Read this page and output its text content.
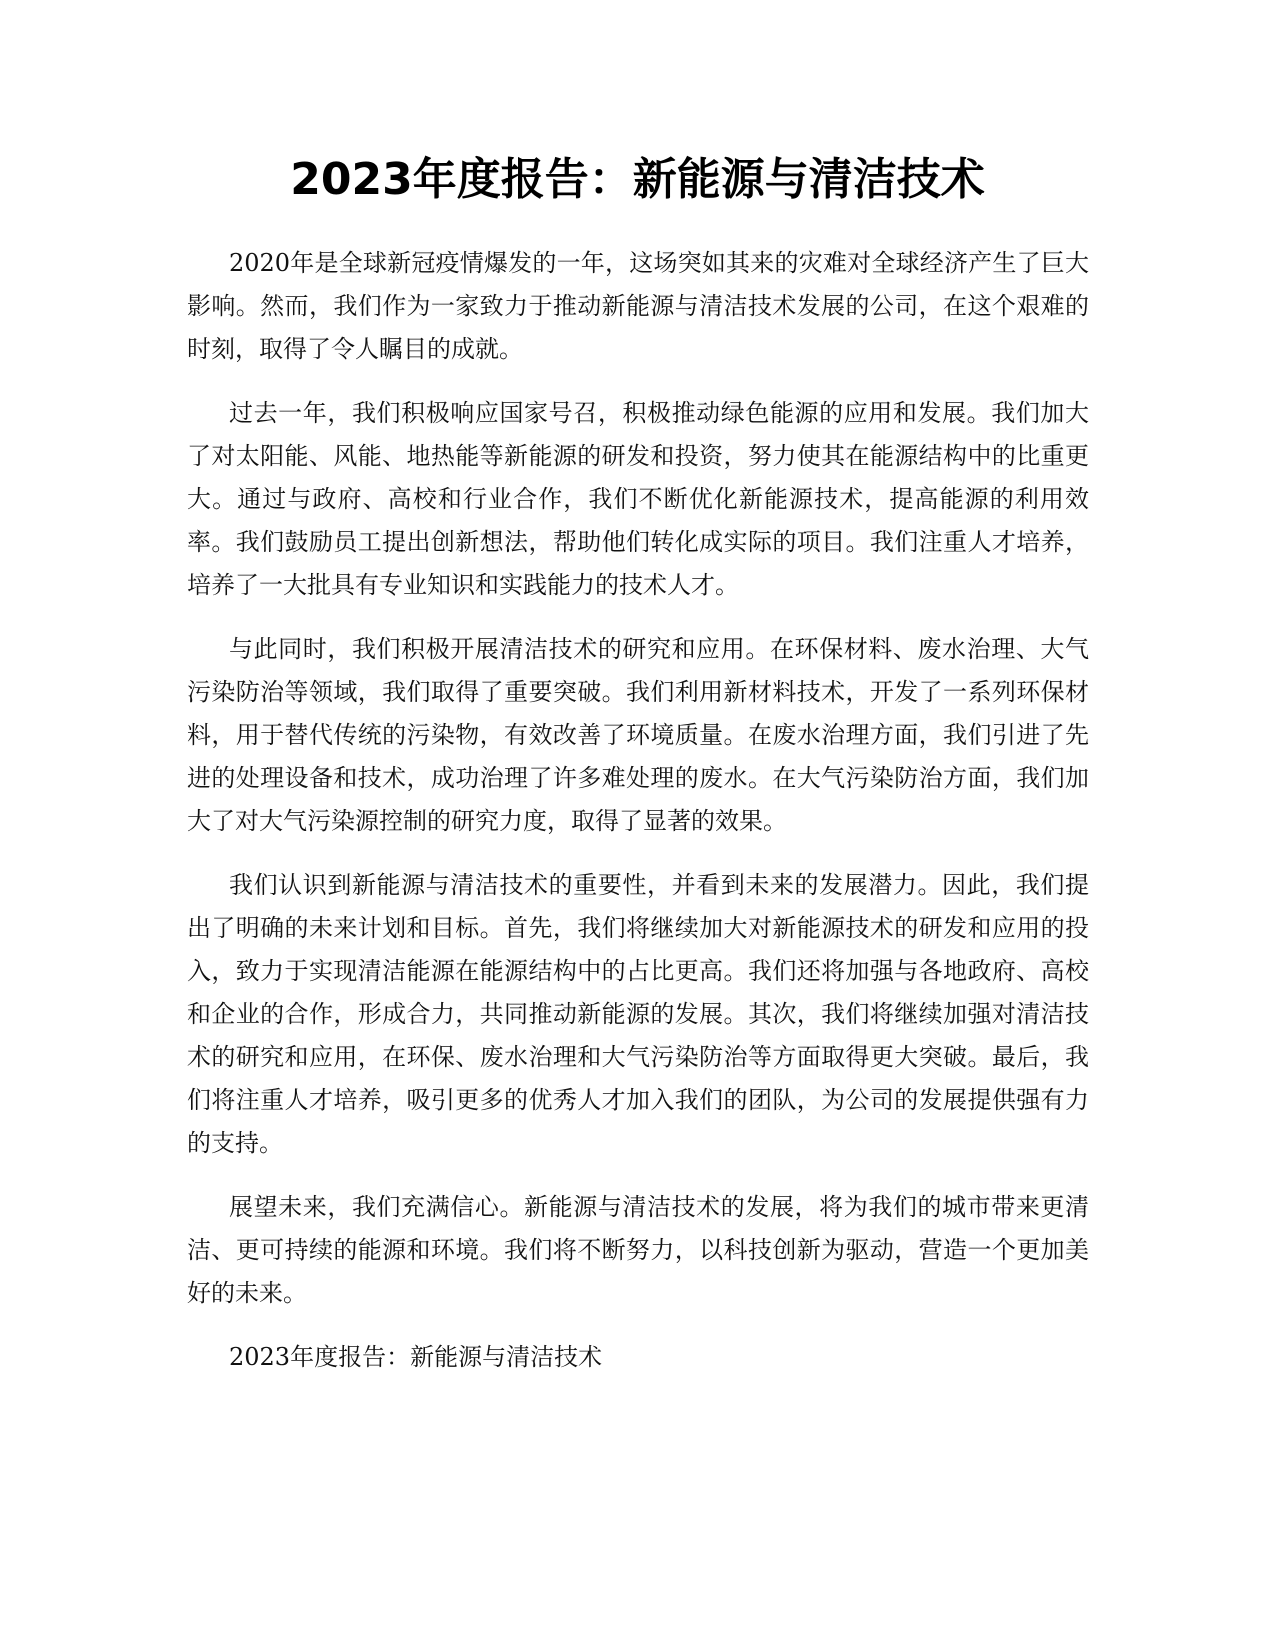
2023年度报告：新能源与清洁技术

2020年是全球新冠疫情爆发的一年，这场突如其来的灾难对全球经济产生了巨大影响。然而，我们作为一家致力于推动新能源与清洁技术发展的公司，在这个艰难的时刻，取得了令人瞩目的成就。

过去一年，我们积极响应国家号召，积极推动绿色能源的应用和发展。我们加大了对太阳能、风能、地热能等新能源的研发和投资，努力使其在能源结构中的比重更大。通过与政府、高校和行业合作，我们不断优化新能源技术，提高能源的利用效率。我们鼓励员工提出创新想法，帮助他们转化成实际的项目。我们注重人才培养，培养了一大批具有专业知识和实践能力的技术人才。

与此同时，我们积极开展清洁技术的研究和应用。在环保材料、废水治理、大气污染防治等领域，我们取得了重要突破。我们利用新材料技术，开发了一系列环保材料，用于替代传统的污染物，有效改善了环境质量。在废水治理方面，我们引进了先进的处理设备和技术，成功治理了许多难处理的废水。在大气污染防治方面，我们加大了对大气污染源控制的研究力度，取得了显著的效果。

我们认识到新能源与清洁技术的重要性，并看到未来的发展潜力。因此，我们提出了明确的未来计划和目标。首先，我们将继续加大对新能源技术的研发和应用的投入，致力于实现清洁能源在能源结构中的占比更高。我们还将加强与各地政府、高校和企业的合作，形成合力，共同推动新能源的发展。其次，我们将继续加强对清洁技术的研究和应用，在环保、废水治理和大气污染防治等方面取得更大突破。最后，我们将注重人才培养，吸引更多的优秀人才加入我们的团队，为公司的发展提供强有力的支持。

展望未来，我们充满信心。新能源与清洁技术的发展，将为我们的城市带来更清洁、更可持续的能源和环境。我们将不断努力，以科技创新为驱动，营造一个更加美好的未来。

2023年度报告：新能源与清洁技术
